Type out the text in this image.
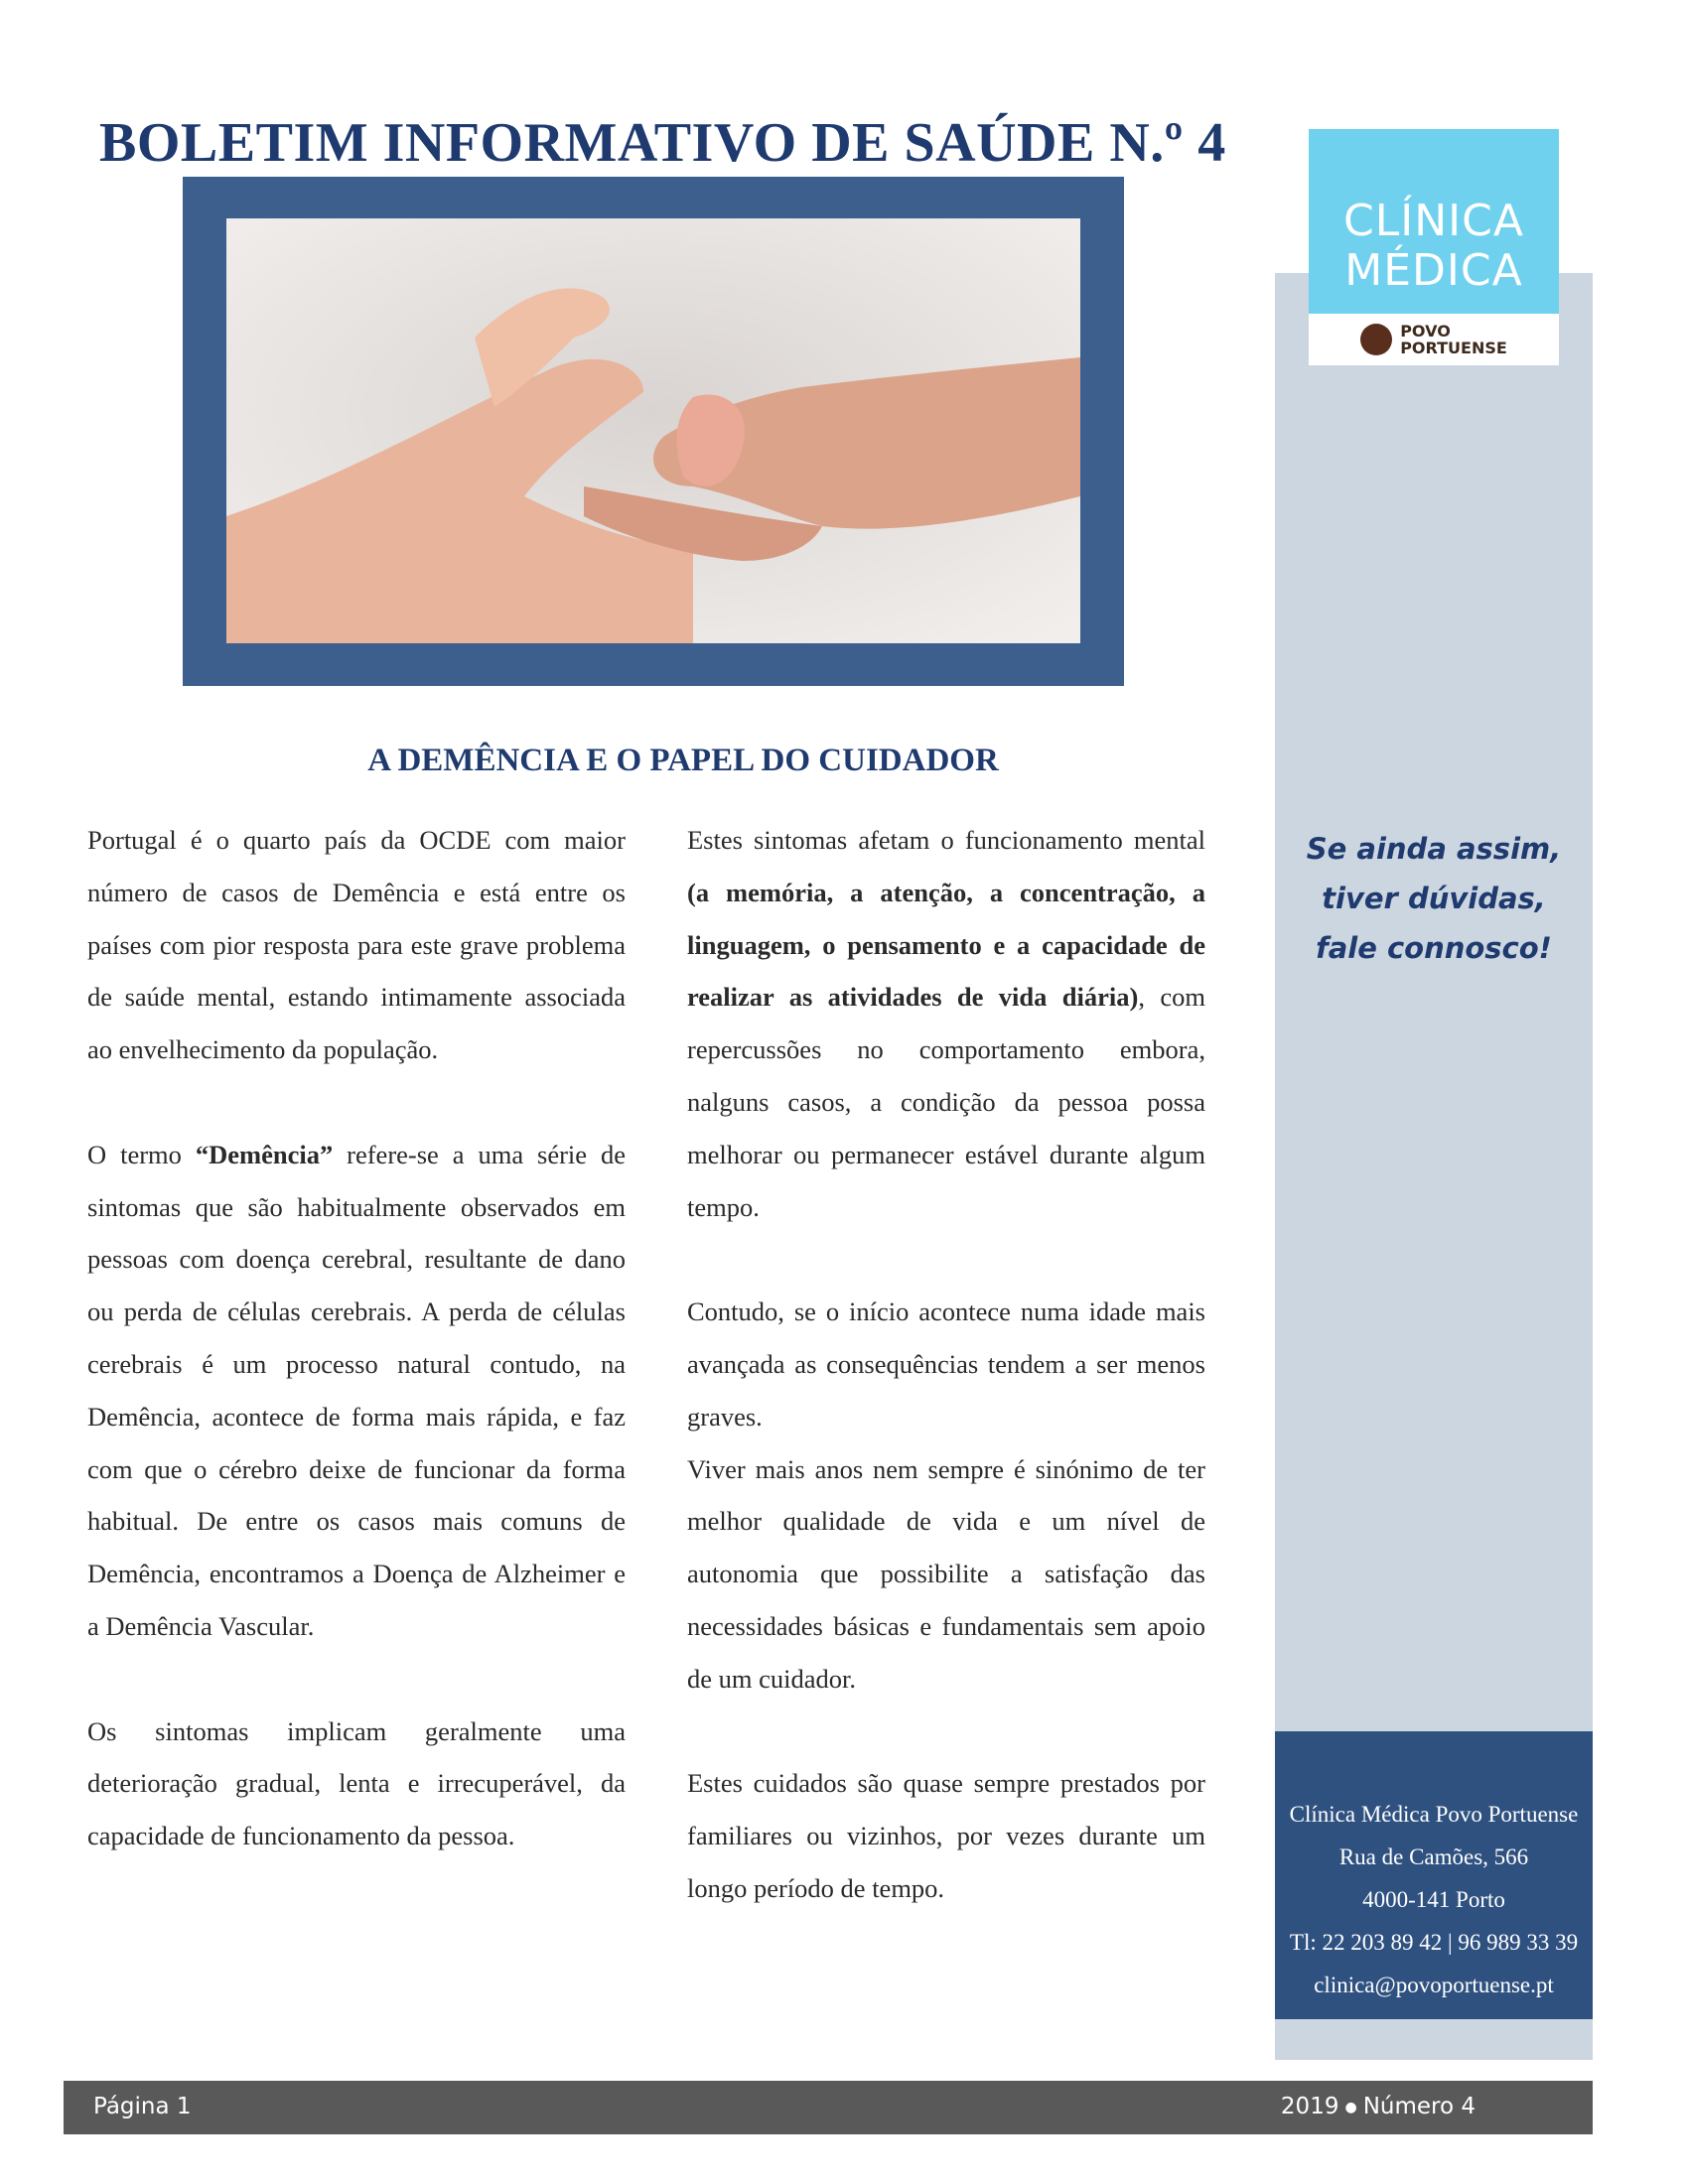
BOLETIM INFORMATIVO DE SAÚDE N.º 4
CLÍNICA
MÉDICA
POVO
PORTUENSE
Se ainda assim,
tiver dúvidas,
fale connosco!
Clínica Médica Povo Portuense
Rua de Camões, 566
4000-141 Porto
Tl: 22 203 89 42 | 96 989 33 39
clinica@povoportuense.pt
A DEMÊNCIA E O PAPEL DO CUIDADOR

Portugal é o quarto país da OCDE com maior número de casos de Demência e está entre os países com pior resposta para este grave problema de saúde mental, estando intimamente associada ao envelhecimento da população.

O termo “Demência” refere-se a uma série de sintomas que são habitualmente observados em pessoas com doença cerebral, resultante de dano ou perda de células cerebrais. A perda de células cerebrais é um processo natural contudo, na Demência, acontece de forma mais rápida, e faz com que o cérebro deixe de funcionar da forma habitual. De entre os casos mais comuns de Demência, encontramos a Doença de Alzheimer e a Demência Vascular.

Os sintomas implicam geralmente uma deterioração gradual, lenta e irrecuperável, da capacidade de funcionamento da pessoa.

Estes sintomas afetam o funcionamento mental (a memória, a atenção, a concentração, a linguagem, o pensamento e a capacidade de realizar as atividades de vida diária), com repercussões no comportamento embora, nalguns casos, a condição da pessoa possa melhorar ou permanecer estável durante algum tempo.

Contudo, se o início acontece numa idade mais avançada as consequências tendem a ser menos graves.

Viver mais anos nem sempre é sinónimo de ter melhor qualidade de vida e um nível de autonomia que possibilite a satisfação das necessidades básicas e fundamentais sem apoio de um cuidador.

Estes cuidados são quase sempre prestados por familiares ou vizinhos, por vezes durante um longo período de tempo.

Página 1	2019 ● Número 4
